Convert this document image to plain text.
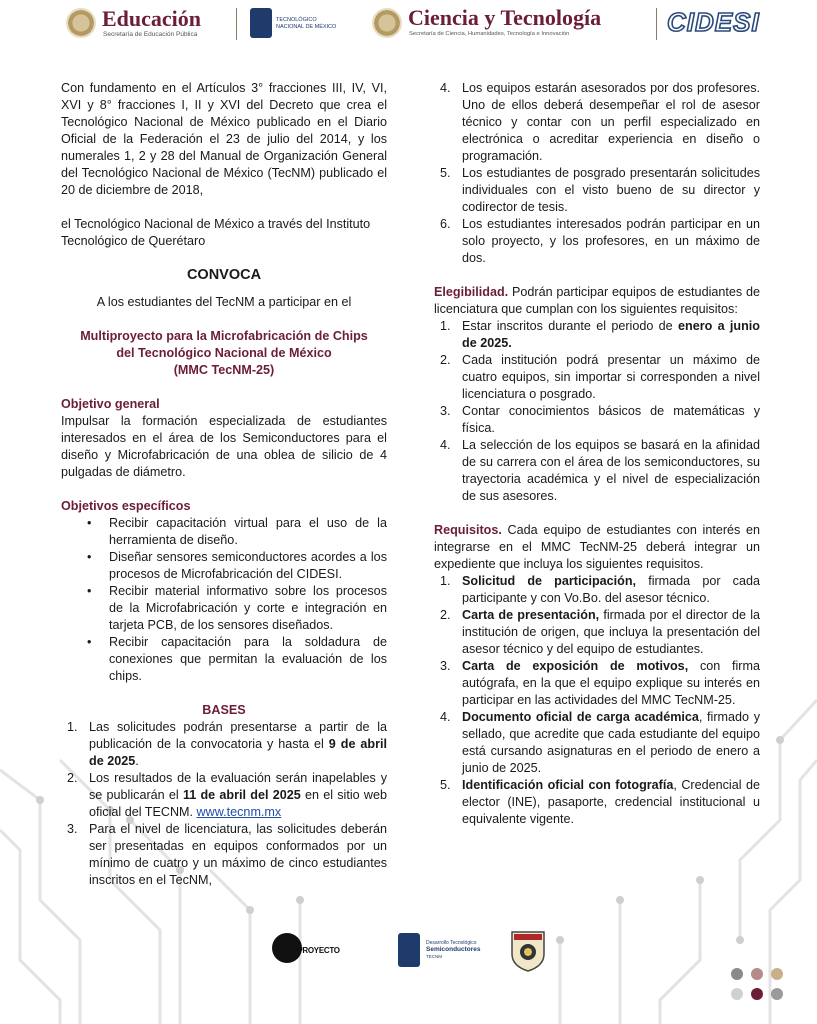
Educación
Secretaría de Educación Pública
TECNOLÓGICO
NACIONAL DE MÉXICO	Ciencia y Tecnología
Secretaría de Ciencia, Humanidades, Tecnología e Innovación	CIDESI

Con fundamento en el Artículos 3° fracciones III, IV, VI, XVI y 8° fracciones I, II y XVI del Decreto que crea el Tecnológico Nacional de México publicado en el Diario Oficial de la Federación el 23 de julio del 2014, y los numerales 1, 2 y 28 del Manual de Organización General del Tecnológico Nacional de México (TecNM) publicado el 20 de diciembre de 2018,

el Tecnológico Nacional de México a través del Instituto Tecnológico de Querétaro

CONVOCA

A los estudiantes del TecNM a participar en el

Multiproyecto para la Microfabricación de Chips
del Tecnológico Nacional de México
(MMC TecNM-25)

Objetivo general

Impulsar la formación especializada de estudiantes interesados en el área de los Semiconductores para el diseño y Microfabricación de una oblea de silicio de 4 pulgadas de diámetro.

Objetivos específicos

• Recibir capacitación virtual para el uso de la herramienta de diseño.
• Diseñar sensores semiconductores acordes a los procesos de Microfabricación del CIDESI.
• Recibir material informativo sobre los procesos de la Microfabricación y corte e integración en tarjeta PCB, de los sensores diseñados.
• Recibir capacitación para la soldadura de conexiones que permitan la evaluación de los chips.

BASES

1. Las solicitudes podrán presentarse a partir de la publicación de la convocatoria y hasta el 9 de abril de 2025.
2. Los resultados de la evaluación serán inapelables y se publicarán el 11 de abril del 2025 en el sitio web oficial del TECNM. www.tecnm.mx
3. Para el nivel de licenciatura, las solicitudes deberán ser presentadas en equipos conformados por un mínimo de cuatro y un máximo de cinco estudiantes inscritos en el TecNM,
4. Los equipos estarán asesorados por dos profesores. Uno de ellos deberá desempeñar el rol de asesor técnico y contar con un perfil especializado en electrónica o acreditar experiencia en diseño o programación.
5. Los estudiantes de posgrado presentarán solicitudes individuales con el visto bueno de su director y codirector de tesis.
6. Los estudiantes interesados podrán participar en un solo proyecto, y los profesores, en un máximo de dos.

Elegibilidad. Podrán participar equipos de estudiantes de licenciatura que cumplan con los siguientes requisitos:

1. Estar inscritos durante el periodo de enero a junio de 2025.
2. Cada institución podrá presentar un máximo de cuatro equipos, sin importar si corresponden a nivel licenciatura o posgrado.
3. Contar conocimientos básicos de matemáticas y física.
4. La selección de los equipos se basará en la afinidad de su carrera con el área de los semiconductores, su trayectoria académica y el nivel de especialización de sus asesores.

Requisitos. Cada equipo de estudiantes con interés en integrarse en el MMC TecNM-25 deberá integrar un expediente que incluya los siguientes requisitos.

1. Solicitud de participación, firmada por cada participante y con Vo.Bo. del asesor técnico.
2. Carta de presentación, firmada por el director de la institución de origen, que incluya la presentación del asesor técnico y del equipo de estudiantes.
3. Carta de exposición de motivos, con firma autógrafa, en la que el equipo explique su interés en participar en las actividades del MMC TecNM-25.
4. Documento oficial de carga académica, firmado y sellado, que acredite que cada estudiante del equipo está cursando asignaturas en el periodo de enero a junio de 2025.
5. Identificación oficial con fotografía, Credencial de elector (INE), pasaporte, credencial institucional u equivalente vigente.
MULTIPROYECTO
Desarrollo Tecnológico
Semiconductores
TECNM
